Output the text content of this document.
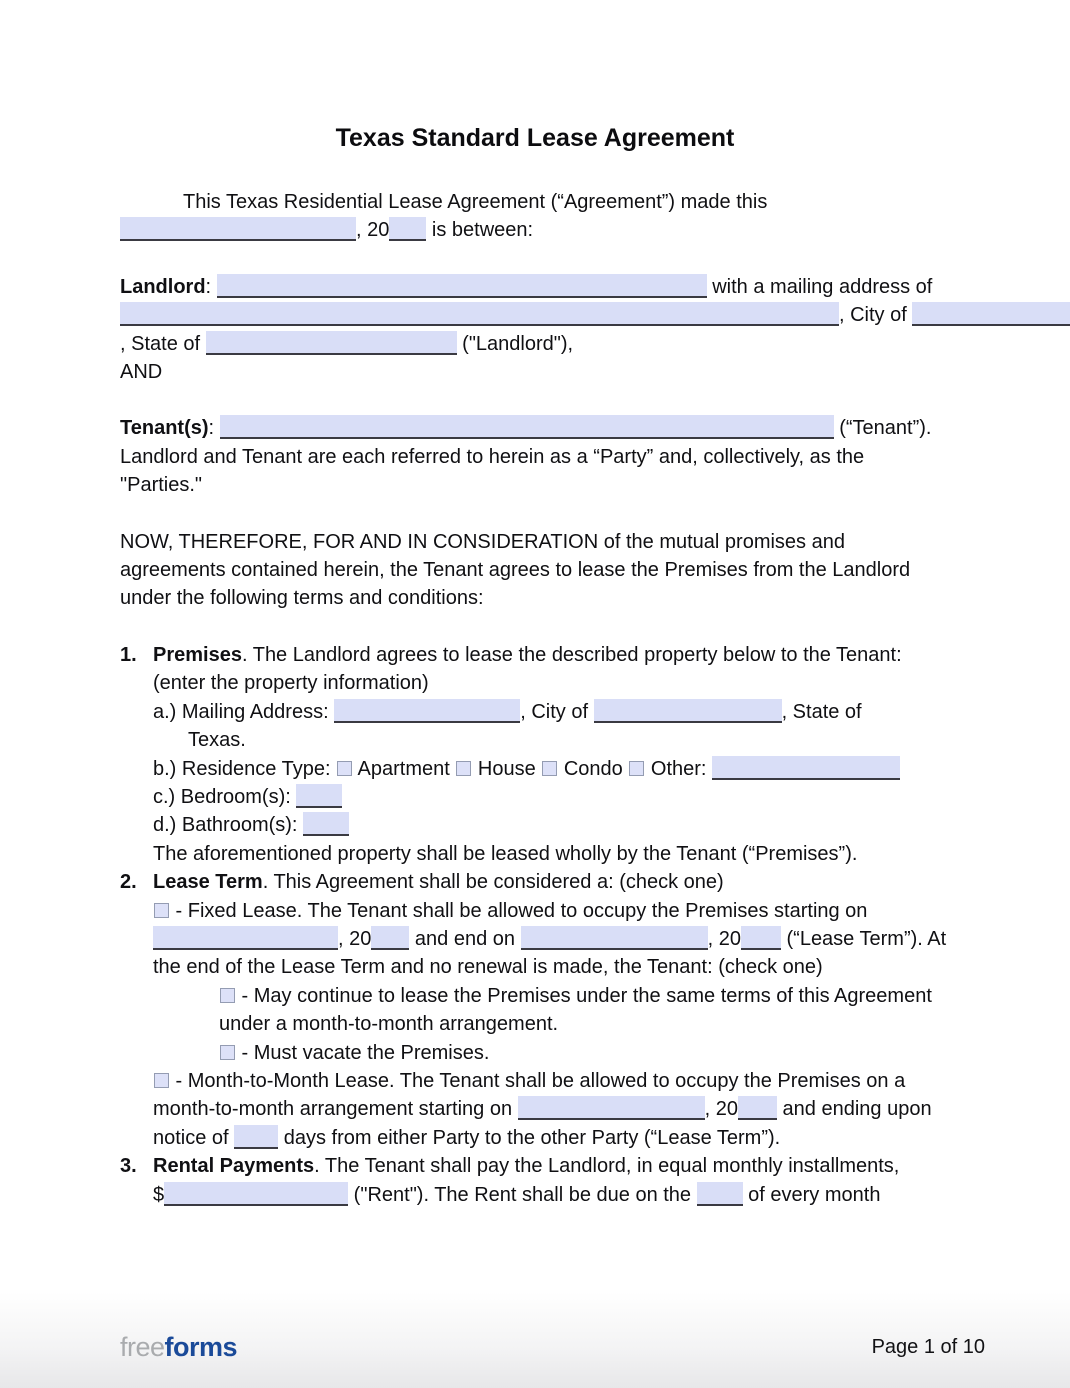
Texas Standard Lease Agreement

This Texas Residential Lease Agreement (“Agreement”) made this , 20 is between:

Landlord:	with a mailing address of , City of , State of	("Landlord"),

AND

Tenant(s):	(“Tenant”). Landlord and Tenant are each referred to herein as a “Party” and, collectively, as the "Parties."

NOW, THEREFORE, FOR AND IN CONSIDERATION of the mutual promises and agreements contained herein, the Tenant agrees to lease the Premises from the Landlord under the following terms and conditions:

1. Premises. The Landlord agrees to lease the described property below to the Tenant: (enter the property information)
a.) Mailing Address:	, City of	, State of
Texas.
b.) Residence Type:  Apartment  House  Condo  Other:
c.) Bedroom(s):
d.) Bathroom(s):
The aforementioned property shall be leased wholly by the Tenant (“Premises”).
2. Lease Term. This Agreement shall be considered a: (check one)
- Fixed Lease. The Tenant shall be allowed to occupy the Premises starting on , 20 and end on	, 20 (“Lease Term”). At the end of the Lease Term and no renewal is made, the Tenant: (check one)
- May continue to lease the Premises under the same terms of this Agreement under a month-to-month arrangement.
- Must vacate the Premises.
- Month-to-Month Lease. The Tenant shall be allowed to occupy the Premises on a month-to-month arrangement starting on	, 20 and ending upon notice of  days from either Party to the other Party (“Lease Term”).
3. Rental Payments. The Tenant shall pay the Landlord, in equal monthly installments, $	("Rent"). The Rent shall be due on the  of every month
freeforms	Page 1 of 10
